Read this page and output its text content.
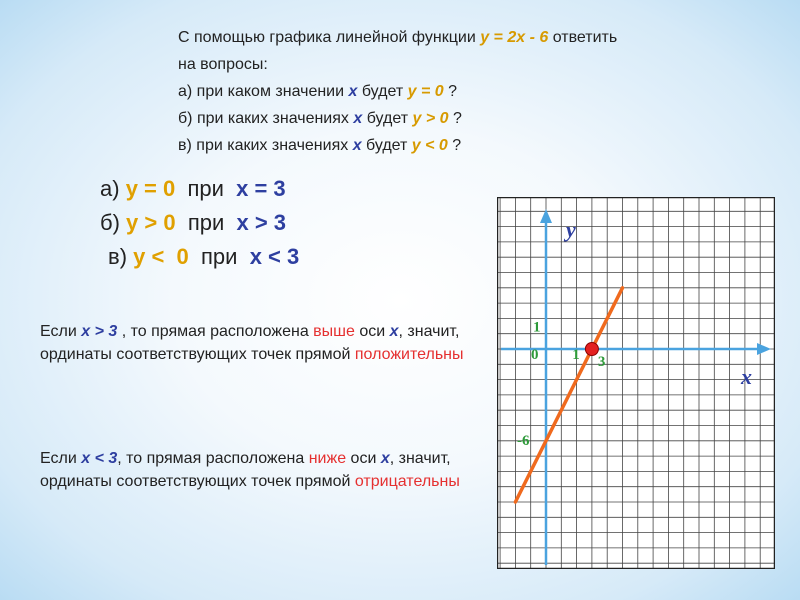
С помощью графика линейной функции y = 2x - 6 ответить
на вопросы:
а) при каком значении x будет y = 0 ?
б) при каких значениях x будет y > 0 ?
в) при каких значениях x будет y < 0 ?
а) y = 0  при  x = 3
б) y > 0  при  x > 3
в) y <  0  при  x < 3
Если x > 3 , то прямая расположена выше оси x, значит, ординаты соответствующих точек прямой положительны
Если x < 3, то прямая расположена ниже оси x, значит, ординаты соответствующих точек прямой отрицательны
y
x
0 1
1
3
-6
